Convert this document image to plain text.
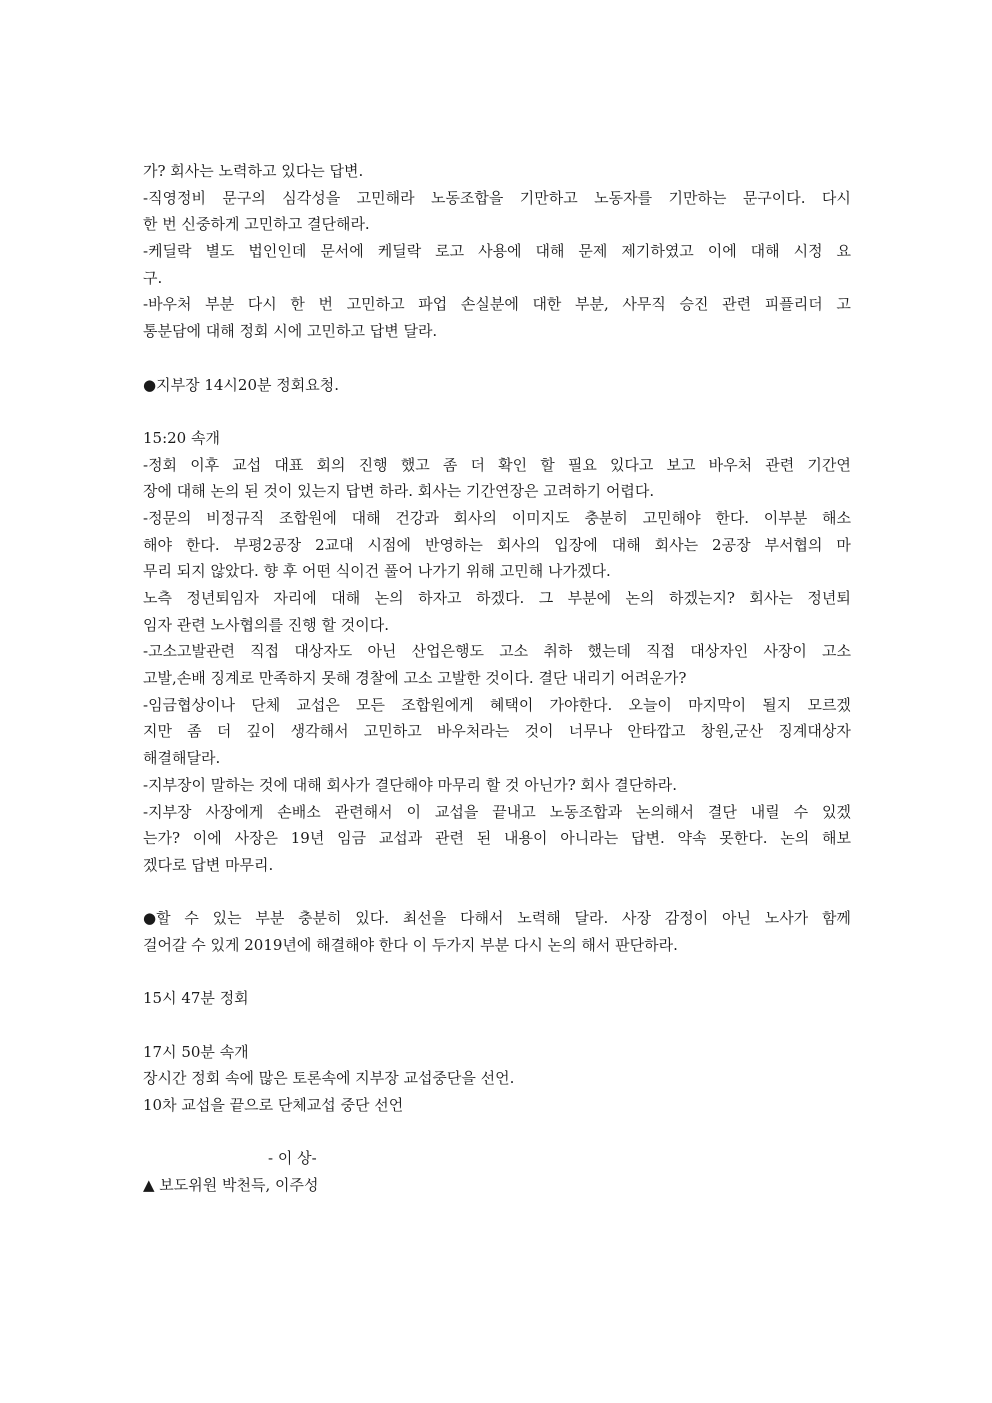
가? 회사는 노력하고 있다는 답변.
-직영정비 문구의 심각성을 고민해라 노동조합을 기만하고 노동자를 기만하는 문구이다. 다시
한 번 신중하게 고민하고 결단해라.
-케딜락 별도 법인인데 문서에 케딜락 로고 사용에 대해 문제 제기하였고 이에 대해 시정 요
구.
-바우처 부분 다시 한 번 고민하고 파업 손실분에 대한 부분, 사무직 승진 관련 피플리더 고
통분담에 대해 정회 시에 고민하고 답변 달라.
●지부장 14시20분 정회요청.
15:20 속개
-정회 이후 교섭 대표 회의 진행 했고 좀 더 확인 할 필요 있다고 보고 바우처 관련 기간연
장에 대해 논의 된 것이 있는지 답변 하라. 회사는 기간연장은 고려하기 어렵다.
-정문의 비정규직 조합원에 대해 건강과 회사의 이미지도 충분히 고민해야 한다. 이부분 해소
해야 한다. 부평2공장 2교대 시점에 반영하는 회사의 입장에 대해 회사는 2공장 부서협의 마
무리 되지 않았다. 향 후 어떤 식이건 풀어 나가기 위해 고민해 나가겠다.
노측 정년퇴임자 자리에 대해 논의 하자고 하겠다. 그 부분에 논의 하겠는지? 회사는 정년퇴
임자 관련 노사협의를 진행 할 것이다.
-고소고발관련 직접 대상자도 아닌 산업은행도 고소 취하 했는데 직접 대상자인 사장이 고소
고발,손배 징계로 만족하지 못해 경찰에 고소 고발한 것이다. 결단 내리기 어려운가?
-임금협상이나 단체 교섭은 모든 조합원에게 혜택이 가야한다. 오늘이 마지막이 될지 모르겠
지만 좀 더 깊이 생각해서 고민하고 바우처라는 것이 너무나 안타깝고 창원,군산 징계대상자
해결해달라.
-지부장이 말하는 것에 대해 회사가 결단해야 마무리 할 것 아닌가? 회사 결단하라.
-지부장 사장에게 손배소 관련해서 이 교섭을 끝내고 노동조합과 논의해서 결단 내릴 수 있겠
는가? 이에 사장은 19년 임금 교섭과 관련 된 내용이 아니라는 답변. 약속 못한다. 논의 해보
겠다로 답변 마무리.
●할 수 있는 부분 충분히 있다. 최선을 다해서 노력해 달라. 사장 감정이 아닌 노사가 함께
걸어갈 수 있게 2019년에 해결해야 한다 이 두가지 부분 다시 논의 해서 판단하라.
15시 47분 정회
17시 50분 속개
장시간 정회 속에 많은 토론속에 지부장 교섭중단을 선언.
10차 교섭을 끝으로 단체교섭 중단 선언
- 이 상-
▲ 보도위원 박천득, 이주성
